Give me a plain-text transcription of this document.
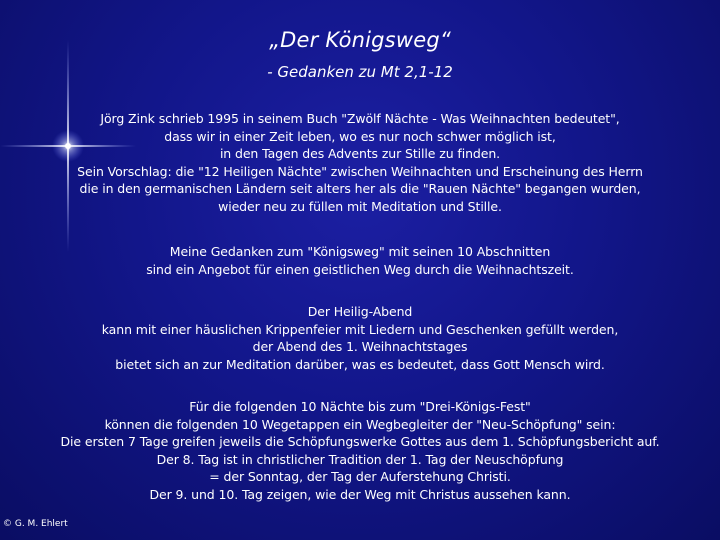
„Der Königsweg“
- Gedanken zu Mt 2,1-12
Jörg Zink schrieb 1995 in seinem Buch "Zwölf Nächte - Was Weihnachten bedeutet",
dass wir in einer Zeit leben, wo es nur noch schwer möglich ist,
in den Tagen des Advents zur Stille zu finden.
Sein Vorschlag: die "12 Heiligen Nächte" zwischen Weihnachten und Erscheinung des Herrn
die in den germanischen Ländern seit alters her als die "Rauen Nächte" begangen wurden,
wieder neu zu füllen mit Meditation und Stille.
Meine Gedanken zum "Königsweg" mit seinen 10 Abschnitten
sind ein Angebot für einen geistlichen Weg durch die Weihnachtszeit.
Der Heilig-Abend
kann mit einer häuslichen Krippenfeier mit Liedern und Geschenken gefüllt werden,
der Abend des 1. Weihnachtstages
bietet sich an zur Meditation darüber, was es bedeutet, dass Gott Mensch wird.
Für die folgenden 10 Nächte bis zum "Drei-Königs-Fest"
können die folgenden 10 Wegetappen ein Wegbegleiter der "Neu-Schöpfung" sein:
Die ersten 7 Tage greifen jeweils die Schöpfungswerke Gottes aus dem 1. Schöpfungsbericht auf.
Der 8. Tag ist in christlicher Tradition der 1. Tag der Neuschöpfung
= der Sonntag, der Tag der Auferstehung Christi.
Der 9. und 10. Tag zeigen, wie der Weg mit Christus aussehen kann.
© G. M. Ehlert
